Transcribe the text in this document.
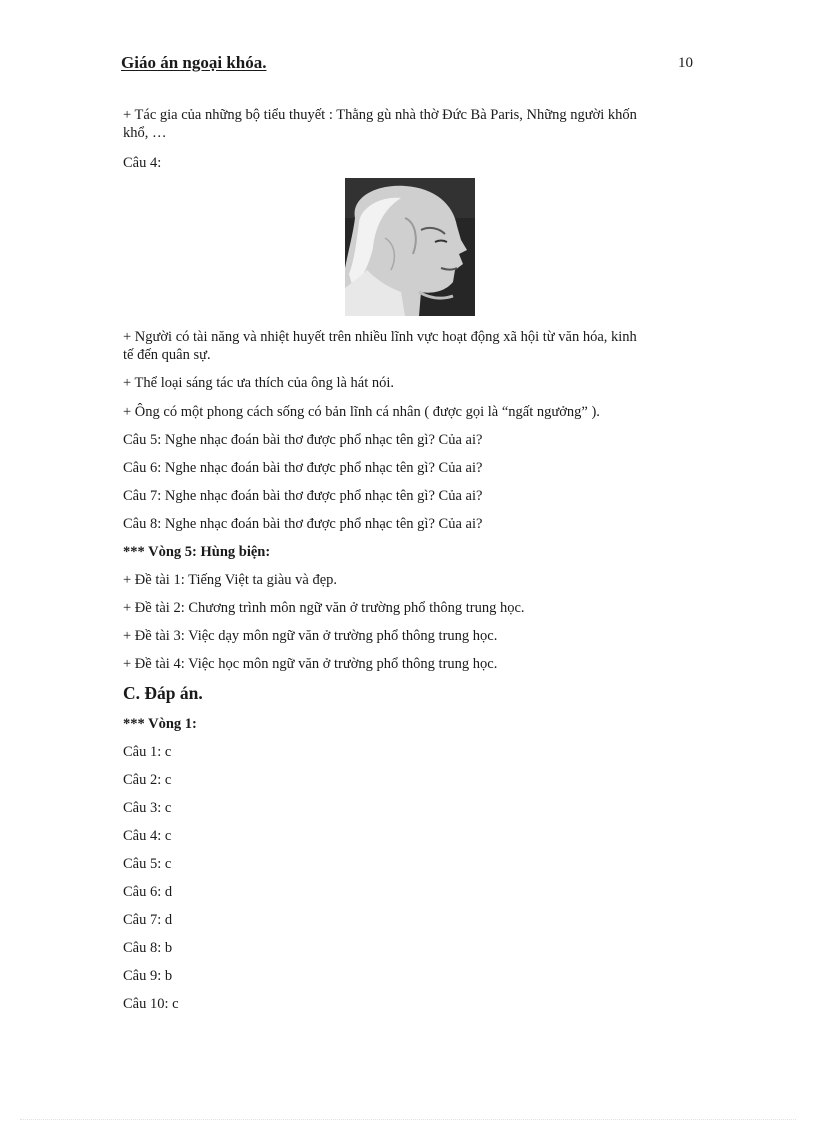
Giáo án ngoại khóa.	10

+ Tác gia của những bộ tiểu thuyết : Thằng gù nhà thờ Đức Bà Paris, Những người khốn
khổ, …

Câu 4:

+ Người có tài năng và nhiệt huyết trên nhiều lĩnh vực hoạt động xã hội từ văn hóa, kinh
tế đến quân sự.

+ Thể loại sáng tác ưa thích của ông là hát nói.

+ Ông có một phong cách sống có bản lĩnh cá nhân ( được gọi là “ngất ngưởng” ).

Câu 5: Nghe nhạc đoán bài thơ được phổ nhạc tên gì? Của ai?

Câu 6: Nghe nhạc đoán bài thơ được phổ nhạc tên gì? Của ai?

Câu 7: Nghe nhạc đoán bài thơ được phổ nhạc tên gì? Của ai?

Câu 8: Nghe nhạc đoán bài thơ được phổ nhạc tên gì? Của ai?

*** Vòng 5: Hùng biện:

+ Đề tài 1: Tiếng Việt ta giàu và đẹp.

+ Đề tài 2: Chương trình môn ngữ văn ở trường phổ thông trung học.

+ Đề tài 3: Việc dạy môn ngữ văn ở trường phổ thông trung học.

+ Đề tài 4: Việc học môn ngữ văn ở trường phổ thông trung học.

C. Đáp án.

*** Vòng 1:

Câu 1: c

Câu 2: c

Câu 3: c

Câu 4: c

Câu 5: c

Câu 6: d

Câu 7: d

Câu 8: b

Câu 9: b

Câu 10: c
